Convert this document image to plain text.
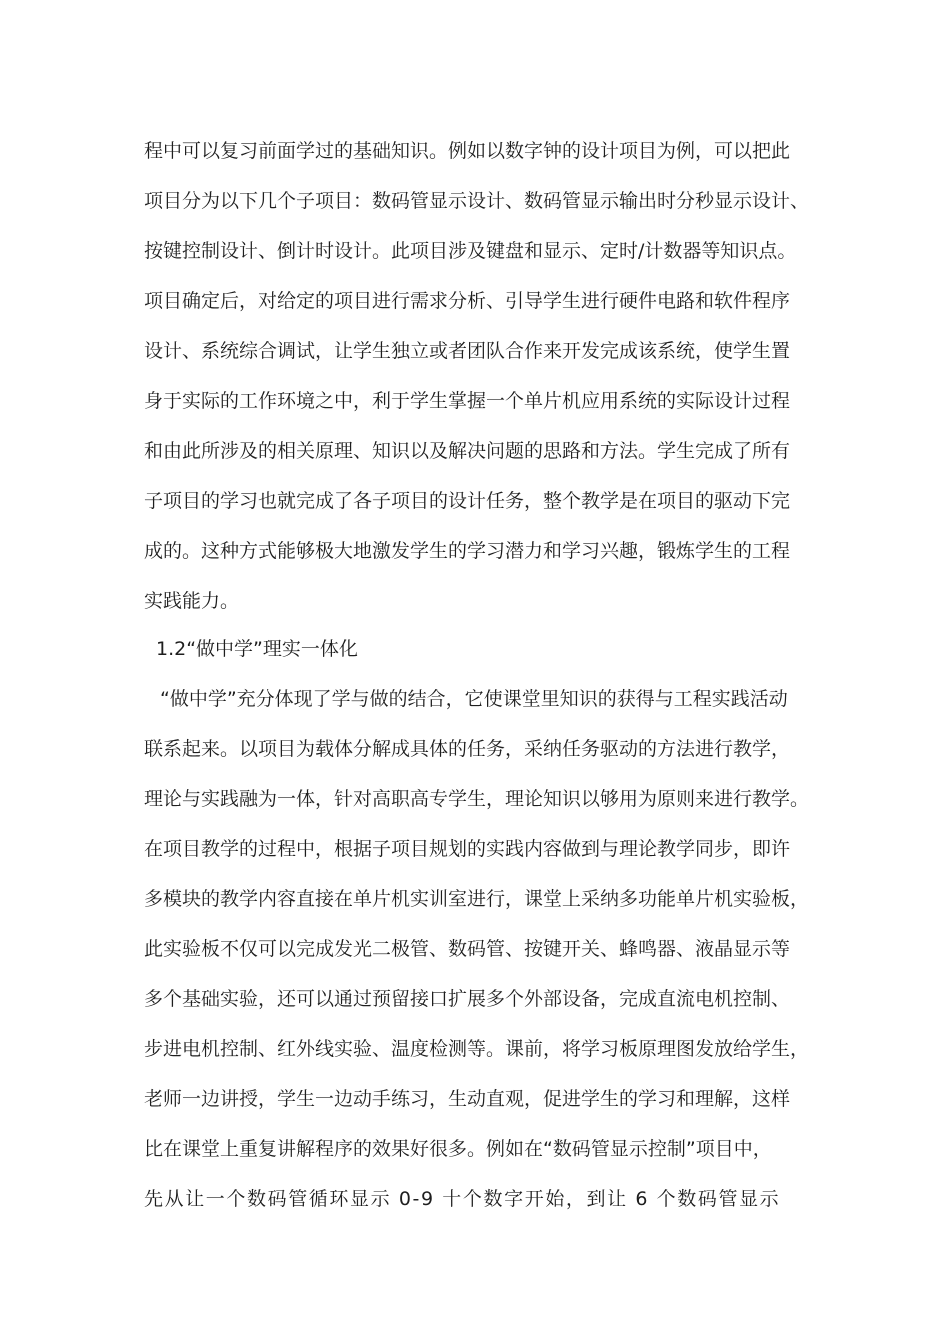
程中可以复习前面学过的基础知识。例如以数字钟的设计项目为例，可以把此
项目分为以下几个子项目：数码管显示设计、数码管显示输出时分秒显示设计、
按键控制设计、倒计时设计。此项目涉及键盘和显示、定时/计数器等知识点。
项目确定后，对给定的项目进行需求分析、引导学生进行硬件电路和软件程序
设计、系统综合调试，让学生独立或者团队合作来开发完成该系统，使学生置
身于实际的工作环境之中，利于学生掌握一个单片机应用系统的实际设计过程
和由此所涉及的相关原理、知识以及解决问题的思路和方法。学生完成了所有
子项目的学习也就完成了各子项目的设计任务，整个教学是在项目的驱动下完
成的。这种方式能够极大地激发学生的学习潜力和学习兴趣，锻炼学生的工程
实践能力。
1.2“做中学”理实一体化
“做中学”充分体现了学与做的结合，它使课堂里知识的获得与工程实践活动
联系起来。以项目为载体分解成具体的任务，采纳任务驱动的方法进行教学，
理论与实践融为一体，针对高职高专学生，理论知识以够用为原则来进行教学。
在项目教学的过程中，根据子项目规划的实践内容做到与理论教学同步，即许
多模块的教学内容直接在单片机实训室进行，课堂上采纳多功能单片机实验板，
此实验板不仅可以完成发光二极管、数码管、按键开关、蜂鸣器、液晶显示等
多个基础实验，还可以通过预留接口扩展多个外部设备，完成直流电机控制、
步进电机控制、红外线实验、温度检测等。课前，将学习板原理图发放给学生，
老师一边讲授，学生一边动手练习，生动直观，促进学生的学习和理解，这样
比在课堂上重复讲解程序的效果好很多。例如在“数码管显示控制”项目中，
先从让一个数码管循环显示 0-9 十个数字开始，到让 6 个数码管显示
